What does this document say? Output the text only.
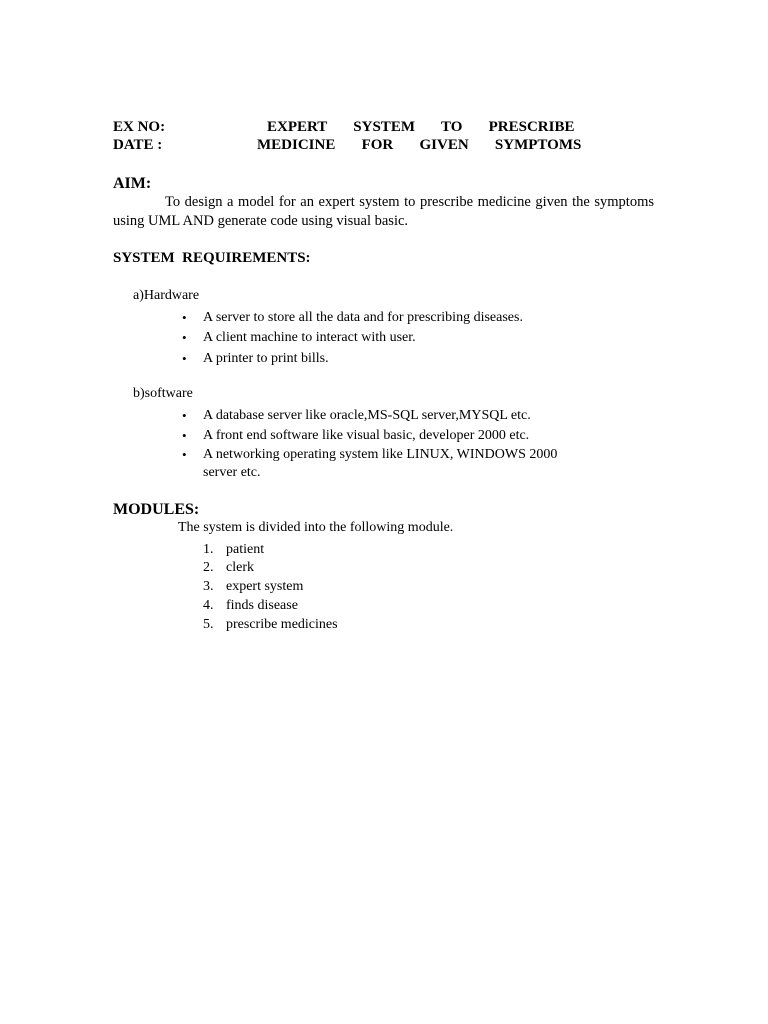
EX NO:
DATE :
EXPERT   SYSTEM   TO   PRESCRIBE
MEDICINE   FOR   GIVEN   SYMPTOMS
AIM:
To design a model for an expert system to prescribe medicine given the symptoms using UML AND generate code using visual basic.
SYSTEM  REQUIREMENTS:
a)Hardware
• A server to store all the data and for prescribing diseases.
• A client machine to interact with user.
• A printer to print bills.
b)software
• A database server like oracle,MS-SQL server,MYSQL etc.
• A front end software like visual basic, developer 2000 etc.
• A networking operating system like LINUX, WINDOWS 2000
server etc.
MODULES:
The system is divided into the following module.
1. patient
2. clerk
3. expert system
4. finds disease
5. prescribe medicines
